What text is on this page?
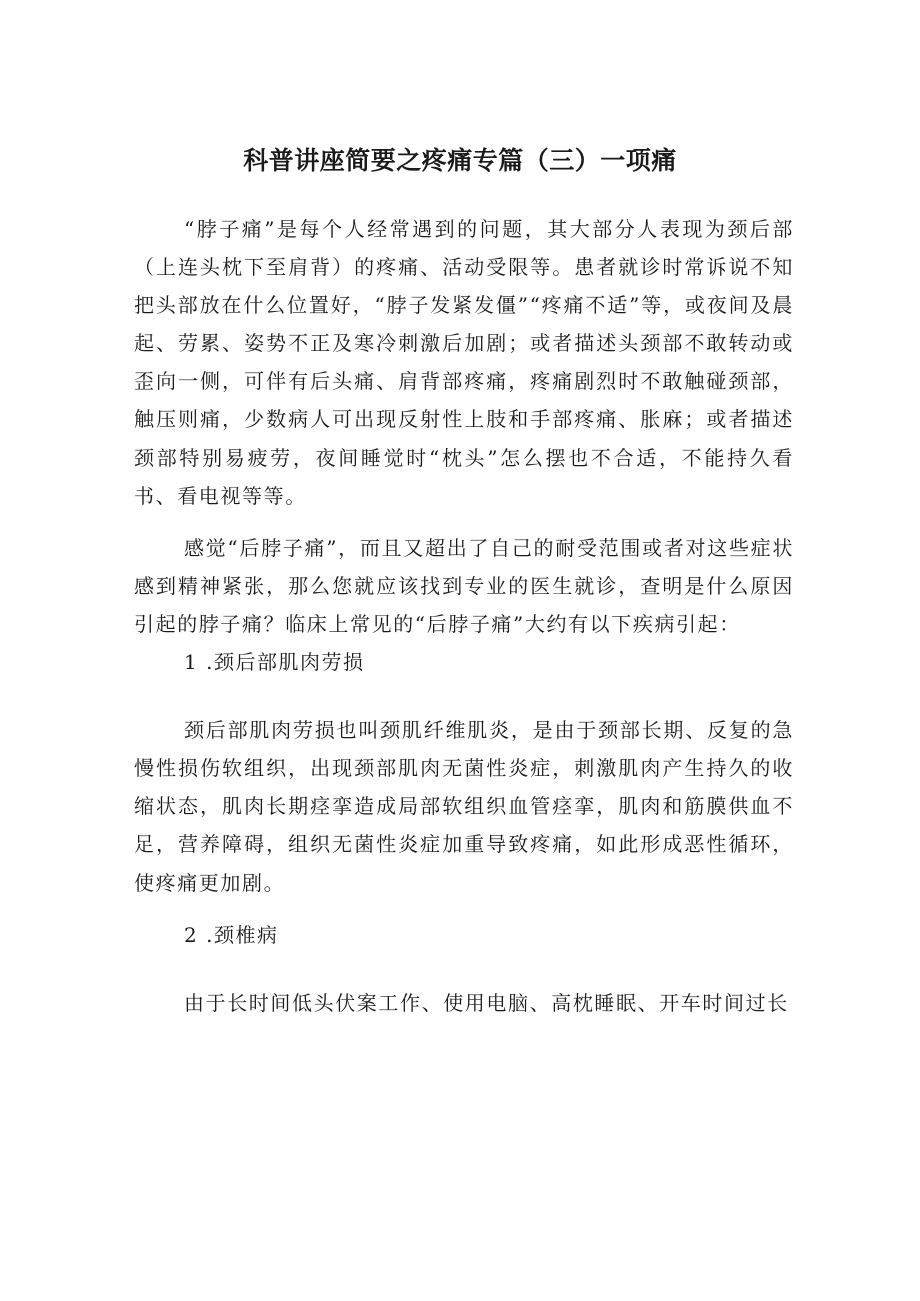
科普讲座简要之疼痛专篇（三）一项痛

“脖子痛”是每个人经常遇到的问题，其大部分人表现为颈后部（上连头枕下至肩背）的疼痛、活动受限等。患者就诊时常诉说不知把头部放在什么位置好，“脖子发紧发僵”“疼痛不适”等，或夜间及晨起、劳累、姿势不正及寒冷刺激后加剧；或者描述头颈部不敢转动或歪向一侧，可伴有后头痛、肩背部疼痛，疼痛剧烈时不敢触碰颈部，触压则痛，少数病人可出现反射性上肢和手部疼痛、胀麻；或者描述颈部特别易疲劳，夜间睡觉时“枕头”怎么摆也不合适，不能持久看书、看电视等等。

感觉“后脖子痛”，而且又超出了自己的耐受范围或者对这些症状感到精神紧张，那么您就应该找到专业的医生就诊，查明是什么原因引起的脖子痛？临床上常见的“后脖子痛”大约有以下疾病引起：

1 .颈后部肌肉劳损

颈后部肌肉劳损也叫颈肌纤维肌炎，是由于颈部长期、反复的急慢性损伤软组织，出现颈部肌肉无菌性炎症，刺激肌肉产生持久的收缩状态，肌肉长期痉挛造成局部软组织血管痉挛，肌肉和筋膜供血不足，营养障碍，组织无菌性炎症加重导致疼痛，如此形成恶性循环，使疼痛更加剧。

2 .颈椎病

由于长时间低头伏案工作、使用电脑、高枕睡眠、开车时间过长
